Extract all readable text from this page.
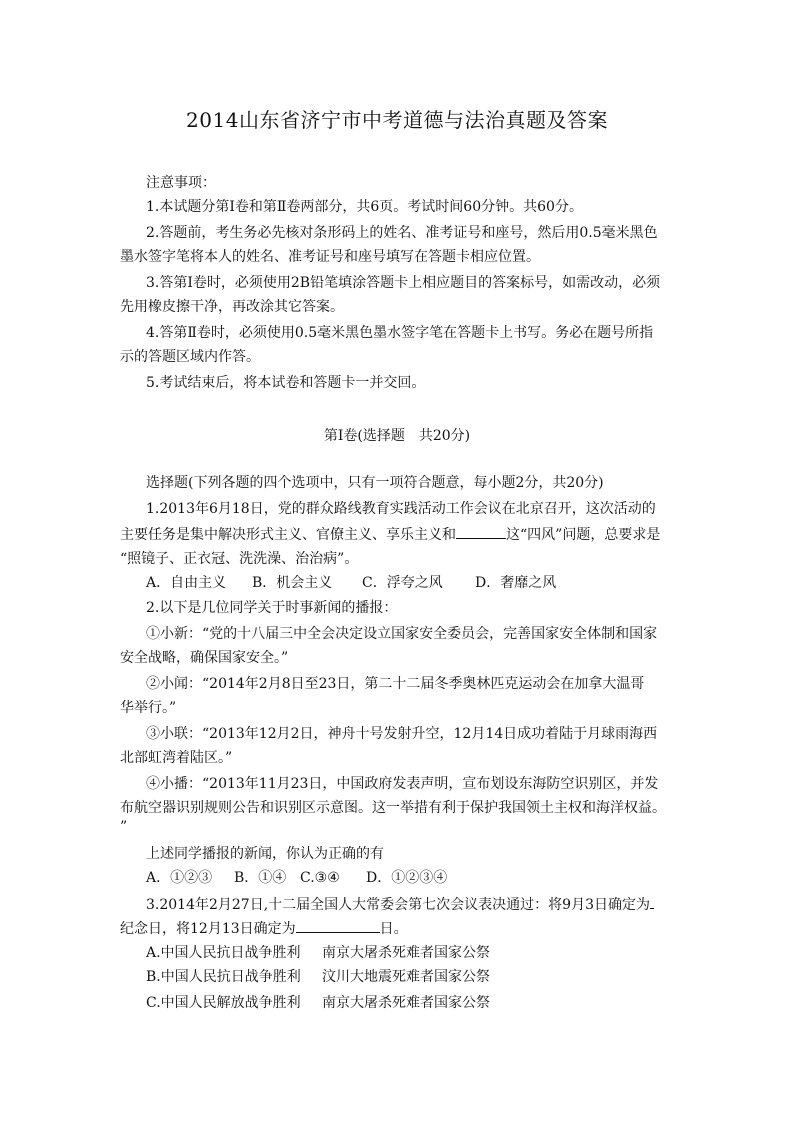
2014山东省济宁市中考道德与法治真题及答案
注意事项：
1.本试题分第Ⅰ卷和第Ⅱ卷两部分，共6页。考试时间60分钟。共60分。
2.答题前，考生务必先核对条形码上的姓名、准考证号和座号，然后用0.5毫米黑色
墨水签字笔将本人的姓名、准考证号和座号填写在答题卡相应位置。
3.答第Ⅰ卷时，必须使用2B铅笔填涂答题卡上相应题目的答案标号，如需改动，必须
先用橡皮擦干净，再改涂其它答案。
4.答第Ⅱ卷时，必须使用0.5毫米黑色墨水签字笔在答题卡上书写。务必在题号所指
示的答题区域内作答。
5.考试结束后，将本试卷和答题卡一并交回。
第Ⅰ卷(选择题　共20分)
选择题(下列各题的四个选项中，只有一项符合题意，每小题2分，共20分)
1.2013年6月18日，党的群众路线教育实践活动工作会议在北京召开，这次活动的
主要任务是集中解决形式主义、官僚主义、享乐主义和	这“四风”问题，总要求是
“照镜子、正衣冠、洗洗澡、治治病”。
A．自由主义 B．机会主义 C．浮夸之风 D．奢靡之风
2.以下是几位同学关于时事新闻的播报：
①小新：“党的十八届三中全会决定设立国家安全委员会，完善国家安全体制和国家
安全战略，确保国家安全。”
②小闻：“2014年2月8日至23日，第二十二届冬季奥林匹克运动会在加拿大温哥
华举行。”
③小联：“2013年12月2日，神舟十号发射升空，12月14日成功着陆于月球雨海西
北部虹湾着陆区。”
④小播：“2013年11月23日，中国政府发表声明，宣布划设东海防空识别区，并发
布航空器识别规则公告和识别区示意图。这一举措有利于保护我国领土主权和海洋权益。
”
上述同学播报的新闻，你认为正确的有
A．①②③ B．①④ C.③④ D．①②③④
3.2014年2月27日,十二届全国人大常委会第七次会议表决通过：将9月3日确定为
纪念日，将12月13日确定为	日。
A.中国人民抗日战争胜利 南京大屠杀死难者国家公祭
B.中国人民抗日战争胜利 汶川大地震死难者国家公祭
C.中国人民解放战争胜利 南京大屠杀死难者国家公祭
